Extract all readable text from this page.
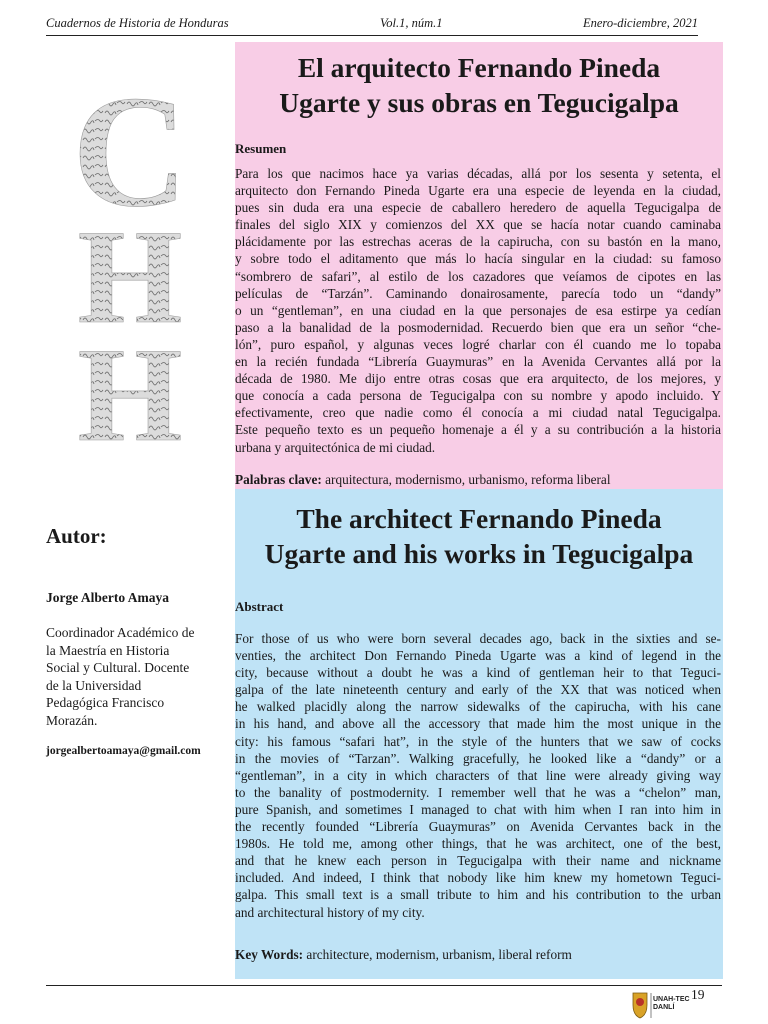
Cuadernos de Historia de Honduras	Vol.1, núm.1	Enero-diciembre, 2021
C
H
H
El arquitecto Fernando Pineda
Ugarte y sus obras en Tegucigalpa
Resumen
Para los que nacimos hace ya varias décadas, allá por los sesenta y setenta, el
arquitecto don Fernando Pineda Ugarte era una especie de leyenda en la ciudad,
pues sin duda era una especie de caballero heredero de aquella Tegucigalpa de
finales del siglo XIX y comienzos del XX que se hacía notar cuando caminaba
plácidamente por las estrechas aceras de la capirucha, con su bastón en la mano,
y sobre todo el aditamento que más lo hacía singular en la ciudad: su famoso
“sombrero de safari”, al estilo de los cazadores que veíamos de cipotes en las
películas de “Tarzán”. Caminando donairosamente, parecía todo un “dandy”
o un “gentleman”, en una ciudad en la que personajes de esa estirpe ya cedían
paso a la banalidad de la posmodernidad. Recuerdo bien que era un señor “che-
lón”, puro español, y algunas veces logré charlar con él cuando me lo topaba
en la recién fundada “Librería Guaymuras” en la Avenida Cervantes allá por la
década de 1980. Me dijo entre otras cosas que era arquitecto, de los mejores, y
que conocía a cada persona de Tegucigalpa con su nombre y apodo incluido. Y
efectivamente, creo que nadie como él conocía a mi ciudad natal Tegucigalpa.
Este pequeño texto es un pequeño homenaje a él y a su contribución a la historia
urbana y arquitectónica de mi ciudad.
Palabras clave: arquitectura, modernismo, urbanismo, reforma liberal
The architect Fernando Pineda
Ugarte and his works in Tegucigalpa
Abstract
For those of us who were born several decades ago, back in the sixties and se-
venties, the architect Don Fernando Pineda Ugarte was a kind of legend in the
city, because without a doubt he was a kind of gentleman heir to that Teguci-
galpa of the late nineteenth century and early of the XX that was noticed when
he walked placidly along the narrow sidewalks of the capirucha, with his cane
in his hand, and above all the accessory that made him the most unique in the
city: his famous “safari hat”, in the style of the hunters that we saw of cocks
in the movies of “Tarzan”. Walking gracefully, he looked like a “dandy” or a
“gentleman”, in a city in which characters of that line were already giving way
to the banality of postmodernity. I remember well that he was a “chelon” man,
pure Spanish, and sometimes I managed to chat with him when I ran into him in
the recently founded “Librería Guaymuras” on Avenida Cervantes back in the
1980s. He told me, among other things, that he was architect, one of the best,
and that he knew each person in Tegucigalpa with their name and nickname
included. And indeed, I think that nobody like him knew my hometown Teguci-
galpa. This small text is a small tribute to him and his contribution to the urban
and architectural history of my city.
Key Words: architecture, modernism, urbanism, liberal reform
Autor:
Jorge Alberto Amaya
Coordinador Académico de
la Maestría en Historia
Social y Cultural. Docente
de la Universidad
Pedagógica Francisco
Morazán.
jorgealbertoamaya@gmail.com
UNAH-TEC
DANLÍ
19
